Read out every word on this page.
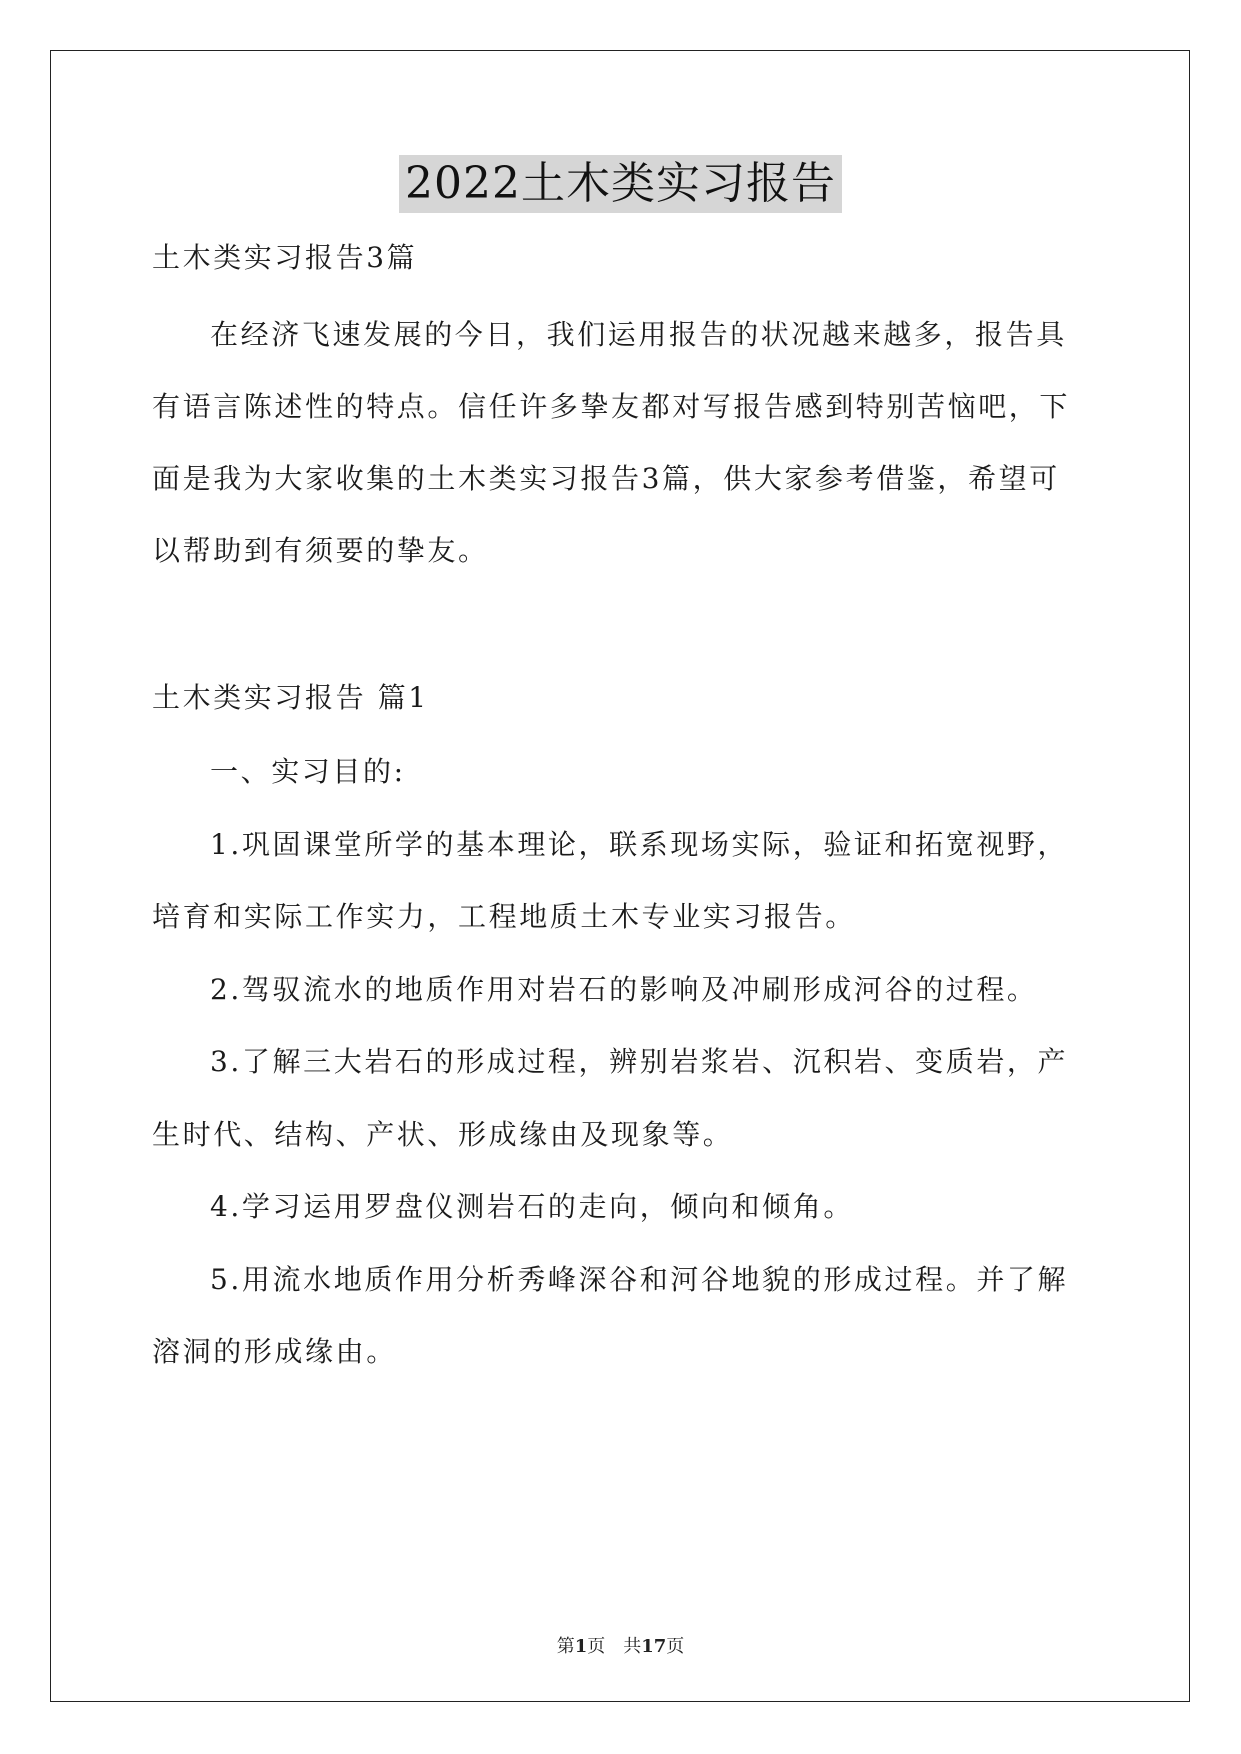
2022土木类实习报告
土木类实习报告3篇
在经济飞速发展的今日，我们运用报告的状况越来越多，报告具
有语言陈述性的特点。信任许多挚友都对写报告感到特别苦恼吧，下
面是我为大家收集的土木类实习报告3篇，供大家参考借鉴，希望可
以帮助到有须要的挚友。
土木类实习报告 篇1
一、实习目的:
1.巩固课堂所学的基本理论，联系现场实际，验证和拓宽视野，
培育和实际工作实力，工程地质土木专业实习报告。
2.驾驭流水的地质作用对岩石的影响及冲刷形成河谷的过程。
3.了解三大岩石的形成过程，辨别岩浆岩、沉积岩、变质岩，产
生时代、结构、产状、形成缘由及现象等。
4.学习运用罗盘仪测岩石的走向，倾向和倾角。
5.用流水地质作用分析秀峰深谷和河谷地貌的形成过程。并了解
溶洞的形成缘由。
第1页 共17页
